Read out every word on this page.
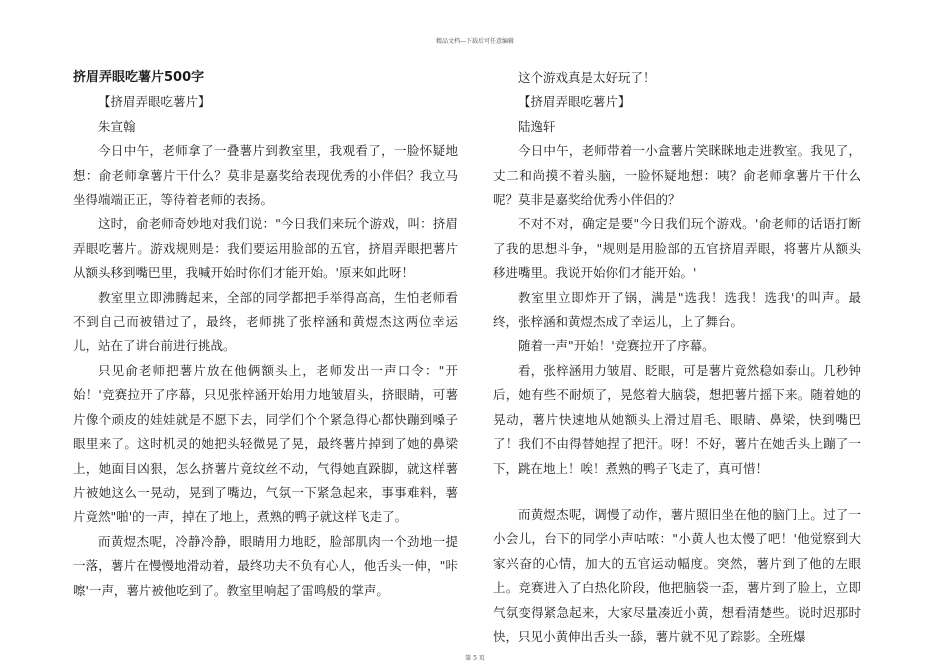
精品文档---下载后可任意编辑

挤眉弄眼吃薯片500字

【挤眉弄眼吃薯片】

朱宣翰

今日中午，老师拿了一叠薯片到教室里，我观看了，一脸怀疑地想：俞老师拿薯片干什么？莫非是嘉奖给表现优秀的小伴侣？我立马坐得端端正正，等待着老师的表扬。

这时，俞老师奇妙地对我们说："今日我们来玩个游戏，叫：挤眉弄眼吃薯片。游戏规则是：我们要运用脸部的五官，挤眉弄眼把薯片从额头移到嘴巴里，我喊开始时你们才能开始。'原来如此呀！

教室里立即沸腾起来，全部的同学都把手举得高高，生怕老师看不到自己而被错过了，最终，老师挑了张梓涵和黄煜杰这两位幸运儿，站在了讲台前进行挑战。

只见俞老师把薯片放在他俩额头上，老师发出一声口令："开始！'竞赛拉开了序幕，只见张梓涵开始用力地皱眉头，挤眼睛，可薯片像个顽皮的娃娃就是不愿下去，同学们个个紧急得心都快蹦到嗓子眼里来了。这时机灵的她把头轻微晃了晃，最终薯片掉到了她的鼻梁上，她面目凶狠，怎么挤薯片竟纹丝不动，气得她直跺脚，就这样薯片被她这么一晃动，晃到了嘴边，气氛一下紧急起来，事事难料，薯片竟然"啪'的一声，掉在了地上，煮熟的鸭子就这样飞走了。

而黄煜杰呢，冷静冷静，眼睛用力地眨，脸部肌肉一个劲地一提一落，薯片在慢慢地滑动着，最终功夫不负有心人，他舌头一伸，"咔嚓'一声，薯片被他吃到了。教室里响起了雷鸣般的掌声。

这个游戏真是太好玩了！

【挤眉弄眼吃薯片】

陆逸轩

今日中午，老师带着一小盒薯片笑眯眯地走进教室。我见了，丈二和尚摸不着头脑，一脸怀疑地想：咦？俞老师拿薯片干什么呢？莫非是嘉奖给优秀小伴侣的？

不对不对，确定是要"今日我们玩个游戏。'俞老师的话语打断了我的思想斗争，"规则是用脸部的五官挤眉弄眼，将薯片从额头移进嘴里。我说开始你们才能开始。'

教室里立即炸开了锅，满是"选我！选我！选我'的叫声。最终，张梓涵和黄煜杰成了幸运儿，上了舞台。

随着一声"开始！'竞赛拉开了序幕。

看，张梓涵用力皱眉、眨眼，可是薯片竟然稳如泰山。几秒钟后，她有些不耐烦了，晃悠着大脑袋，想把薯片摇下来。随着她的晃动，薯片快速地从她额头上滑过眉毛、眼睛、鼻梁，快到嘴巴了！我们不由得替她捏了把汗。呀！不好，薯片在她舌头上蹦了一下，跳在地上！唉！煮熟的鸭子飞走了，真可惜！

而黄煜杰呢，调慢了动作，薯片照旧坐在他的脑门上。过了一小会儿，台下的同学小声咕哝："小黄人也太慢了吧！'他觉察到大家兴奋的心情，加大的五官运动幅度。突然，薯片到了他的左眼上。竞赛进入了白热化阶段，他把脑袋一歪，薯片到了脸上，立即气氛变得紧急起来，大家尽量凑近小黄，想看清楚些。说时迟那时快，只见小黄伸出舌头一舔，薯片就不见了踪影。全班爆

第 5 页
